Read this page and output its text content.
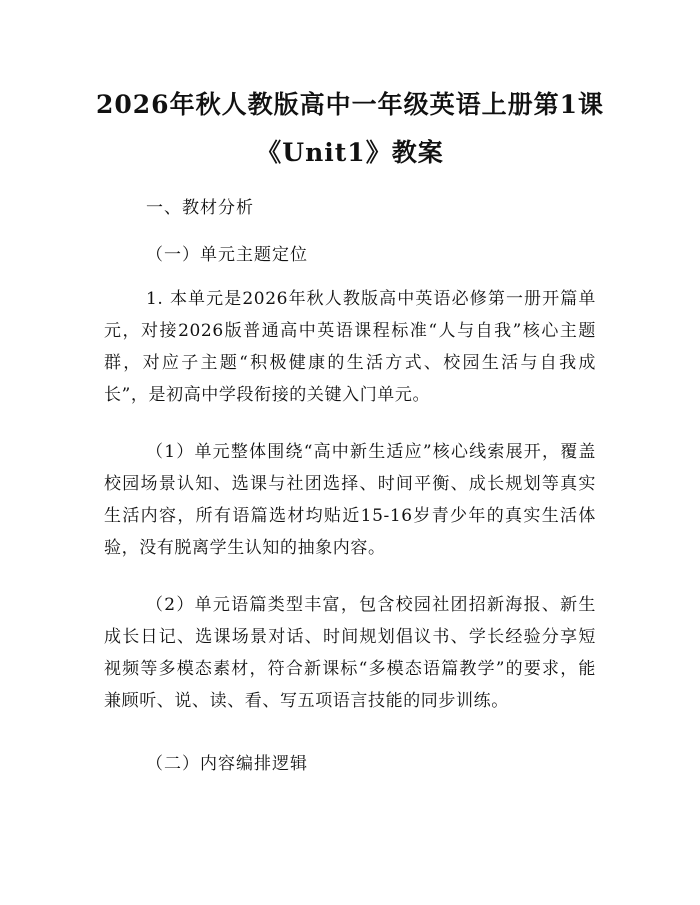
2026年秋人教版高中一年级英语上册第1课
《Unit1》教案

一、教材分析

（一）单元主题定位

1. 本单元是2026年秋人教版高中英语必修第一册开篇单元，对接2026版普通高中英语课程标准“人与自我”核心主题群，对应子主题“积极健康的生活方式、校园生活与自我成长”，是初高中学段衔接的关键入门单元。

（1）单元整体围绕“高中新生适应”核心线索展开，覆盖校园场景认知、选课与社团选择、时间平衡、成长规划等真实生活内容，所有语篇选材均贴近15-16岁青少年的真实生活体验，没有脱离学生认知的抽象内容。

（2）单元语篇类型丰富，包含校园社团招新海报、新生成长日记、选课场景对话、时间规划倡议书、学长经验分享短视频等多模态素材，符合新课标“多模态语篇教学”的要求，能兼顾听、说、读、看、写五项语言技能的同步训练。

（二）内容编排逻辑
